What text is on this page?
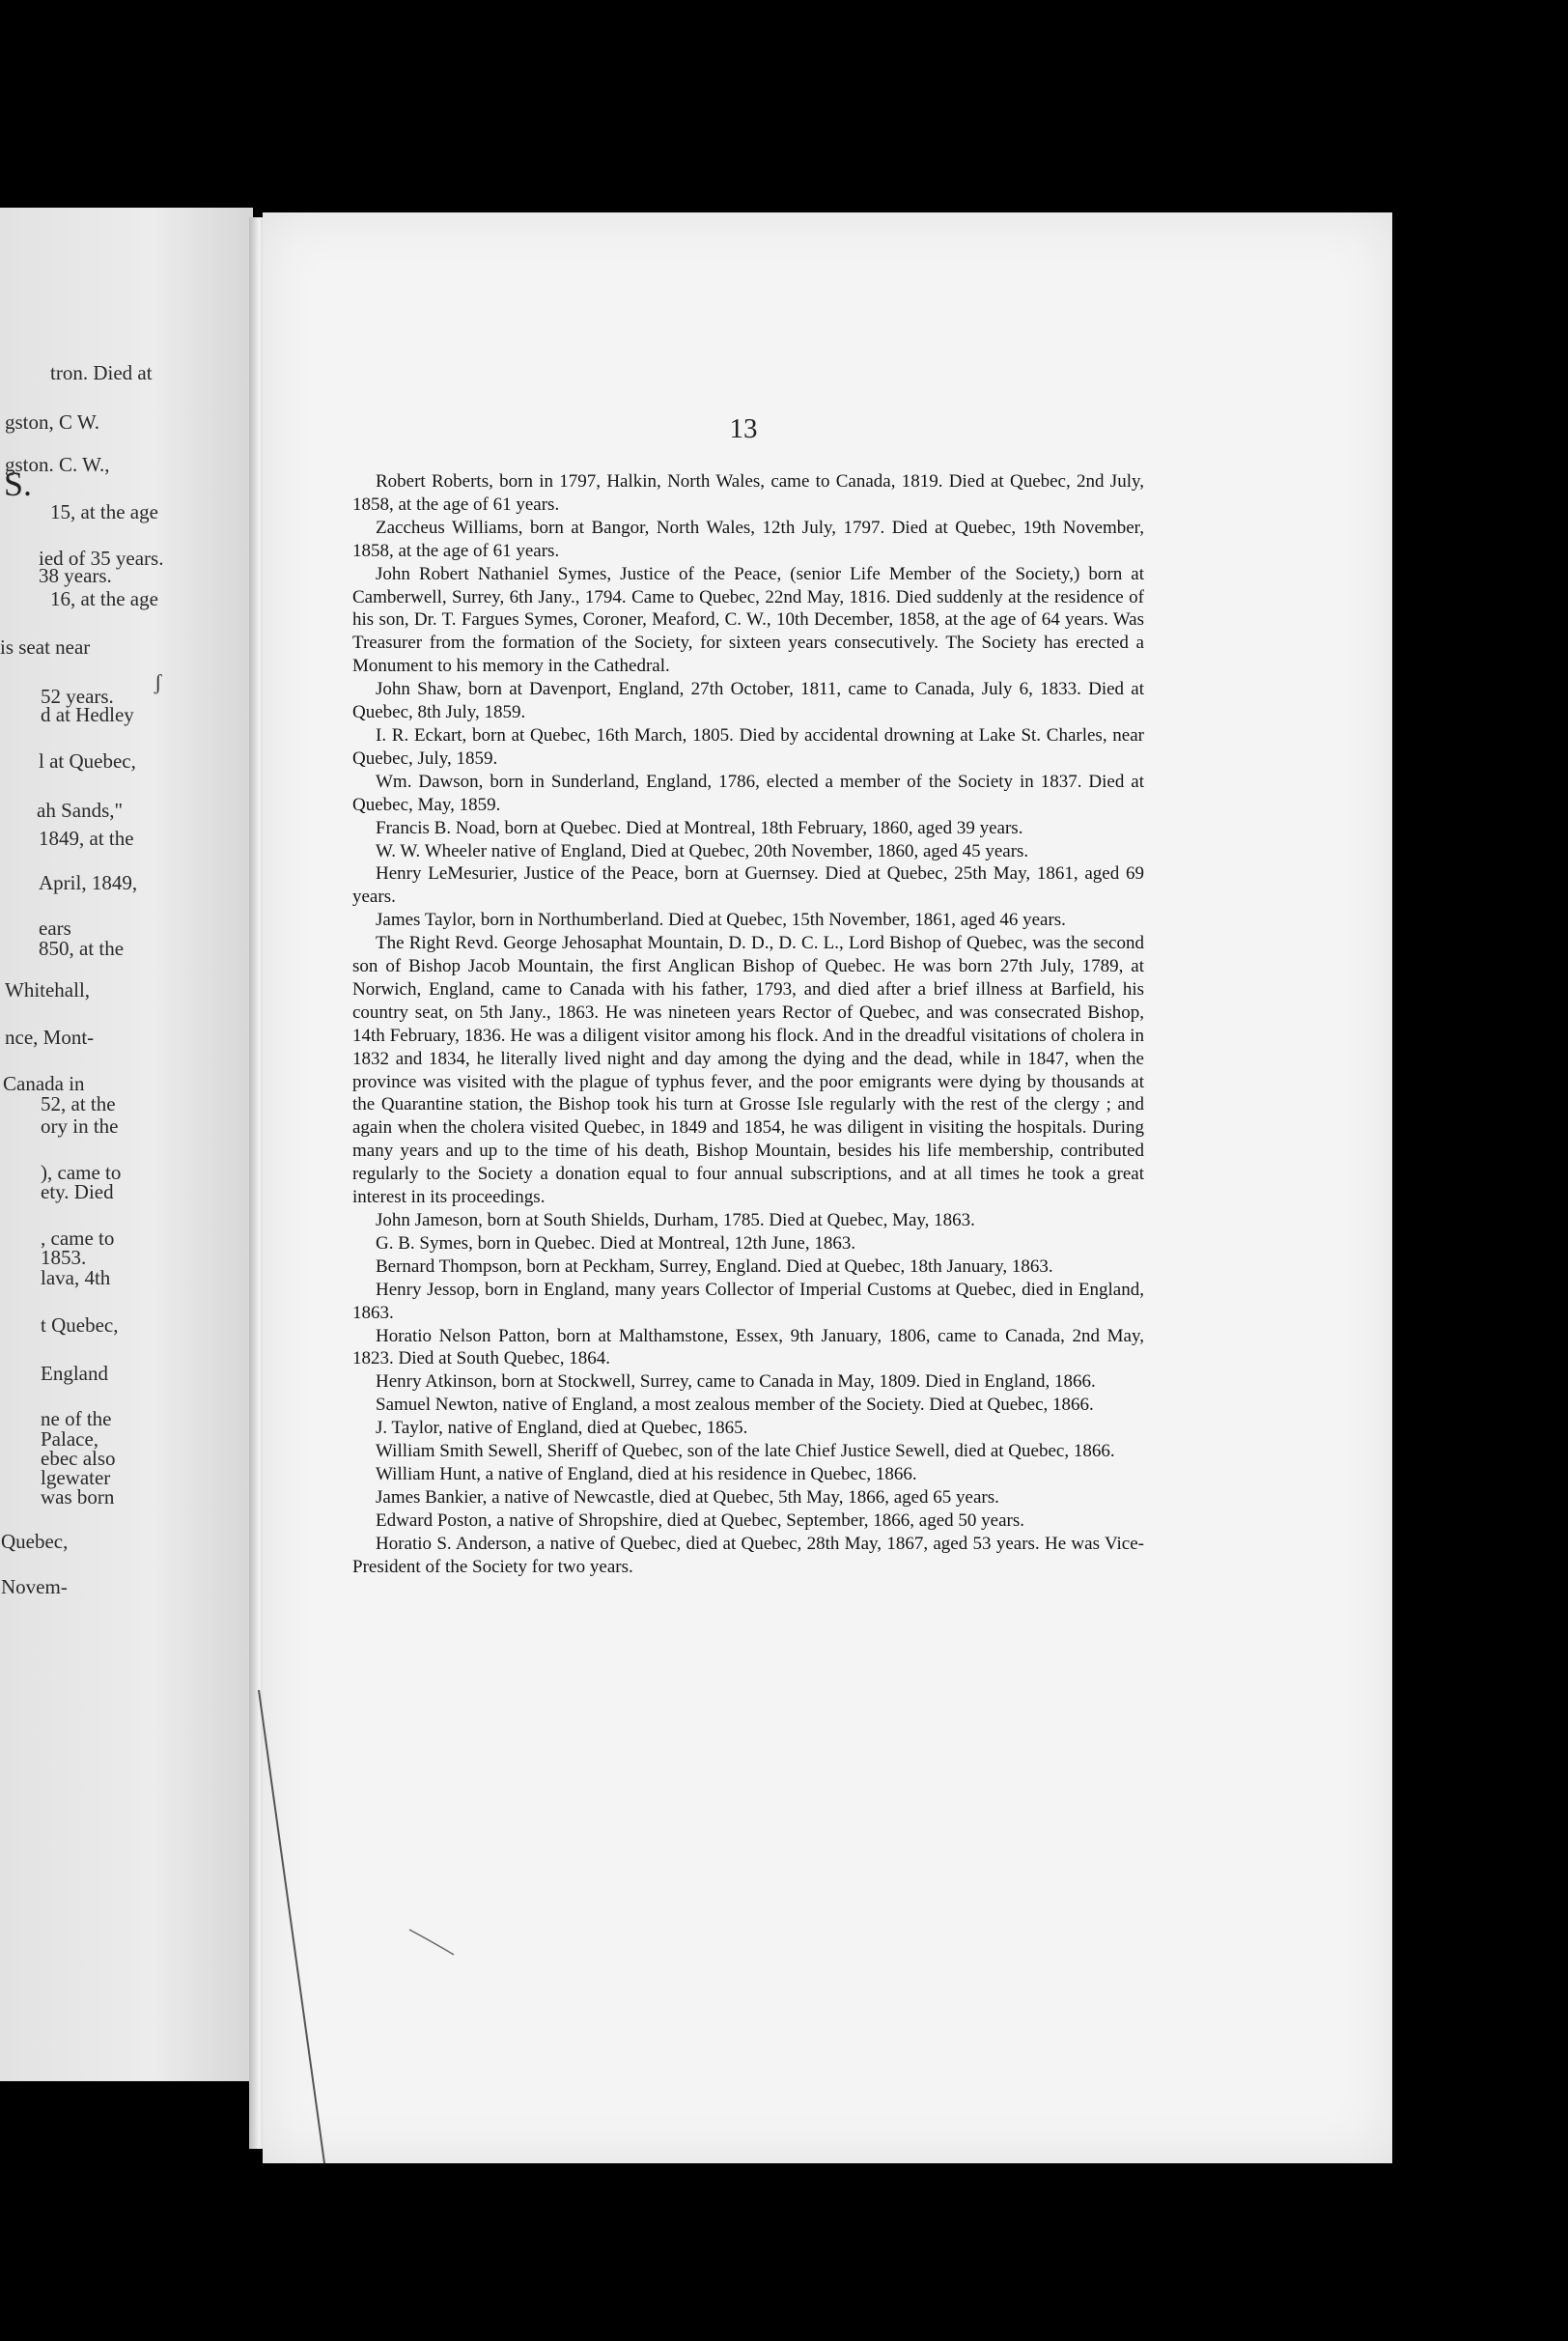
S.
tron. Died at
gston, C W.
gston. C. W.,
15, at the age
ied of 35 years.
38 years.
16, at the age
is seat near
52 years.
d at Hedley
l at Quebec,
ah Sands,"
1849, at the
April, 1849,
ears
850, at the
Whitehall,
nce, Mont-
Canada in
52, at the
ory in the
), came to
ety. Died
, came to
1853.
lava, 4th
t Quebec,
England
ne of the
Palace,
ebec also
lgewater
was born
Quebec,
Novem-
ʃ
13

Robert Roberts, born in 1797, Halkin, North Wales, came to Canada, 1819. Died at Quebec, 2nd July, 1858, at the age of 61 years.

Zaccheus Williams, born at Bangor, North Wales, 12th July, 1797. Died at Quebec, 19th November, 1858, at the age of 61 years.

John Robert Nathaniel Symes, Justice of the Peace, (senior Life Member of the Society,) born at Camberwell, Surrey, 6th Jany., 1794. Came to Quebec, 22nd May, 1816. Died suddenly at the residence of his son, Dr. T. Fargues Symes, Coroner, Meaford, C. W., 10th December, 1858, at the age of 64 years. Was Treasurer from the formation of the Society, for sixteen years consecutively. The Society has erected a Monument to his memory in the Cathedral.

John Shaw, born at Davenport, England, 27th October, 1811, came to Canada, July 6, 1833. Died at Quebec, 8th July, 1859.

I. R. Eckart, born at Quebec, 16th March, 1805. Died by accidental drowning at Lake St. Charles, near Quebec, July, 1859.

Wm. Dawson, born in Sunderland, England, 1786, elected a member of the Society in 1837. Died at Quebec, May, 1859.

Francis B. Noad, born at Quebec. Died at Montreal, 18th February, 1860, aged 39 years.

W. W. Wheeler native of England, Died at Quebec, 20th November, 1860, aged 45 years.

Henry LeMesurier, Justice of the Peace, born at Guernsey. Died at Quebec, 25th May, 1861, aged 69 years.

James Taylor, born in Northumberland. Died at Quebec, 15th November, 1861, aged 46 years.

The Right Revd. George Jehosaphat Mountain, D. D., D. C. L., Lord Bishop of Quebec, was the second son of Bishop Jacob Mountain, the first Anglican Bishop of Quebec. He was born 27th July, 1789, at Norwich, England, came to Canada with his father, 1793, and died after a brief illness at Barfield, his country seat, on 5th Jany., 1863. He was nineteen years Rector of Quebec, and was consecrated Bishop, 14th February, 1836. He was a diligent visitor among his flock. And in the dreadful visitations of cholera in 1832 and 1834, he literally lived night and day among the dying and the dead, while in 1847, when the province was visited with the plague of typhus fever, and the poor emigrants were dying by thousands at the Quarantine station, the Bishop took his turn at Grosse Isle regularly with the rest of the clergy ; and again when the cholera visited Quebec, in 1849 and 1854, he was diligent in visiting the hospitals. During many years and up to the time of his death, Bishop Mountain, besides his life membership, contributed regularly to the Society a donation equal to four annual subscriptions, and at all times he took a great interest in its proceedings.

John Jameson, born at South Shields, Durham, 1785. Died at Quebec, May, 1863.

G. B. Symes, born in Quebec. Died at Montreal, 12th June, 1863.

Bernard Thompson, born at Peckham, Surrey, England. Died at Quebec, 18th January, 1863.

Henry Jessop, born in England, many years Collector of Imperial Customs at Quebec, died in England, 1863.

Horatio Nelson Patton, born at Malthamstone, Essex, 9th January, 1806, came to Canada, 2nd May, 1823. Died at South Quebec, 1864.

Henry Atkinson, born at Stockwell, Surrey, came to Canada in May, 1809. Died in England, 1866.

Samuel Newton, native of England, a most zealous member of the Society. Died at Quebec, 1866.

J. Taylor, native of England, died at Quebec, 1865.

William Smith Sewell, Sheriff of Quebec, son of the late Chief Justice Sewell, died at Quebec, 1866.

William Hunt, a native of England, died at his residence in Quebec, 1866.

James Bankier, a native of Newcastle, died at Quebec, 5th May, 1866, aged 65 years.

Edward Poston, a native of Shropshire, died at Quebec, September, 1866, aged 50 years.

Horatio S. Anderson, a native of Quebec, died at Quebec, 28th May, 1867, aged 53 years. He was Vice-President of the Society for two years.
